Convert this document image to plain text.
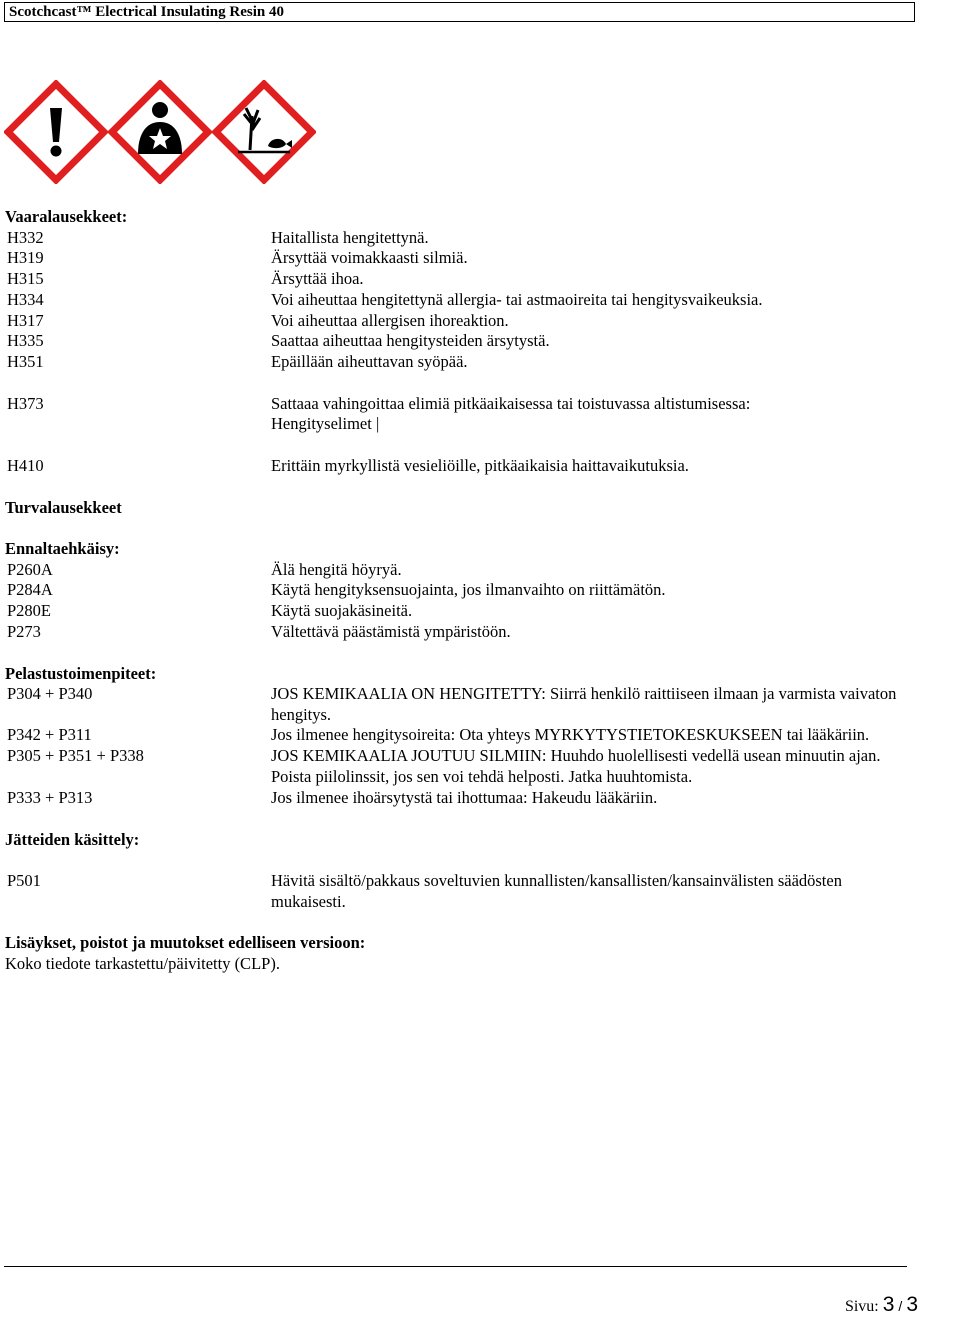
Scotchcast™ Electrical Insulating Resin 40
Vaaralausekkeet:
H332	Haitallista hengitettynä.
H319	Ärsyttää voimakkaasti silmiä.
H315	Ärsyttää ihoa.
H334	Voi aiheuttaa hengitettynä allergia- tai astmaoireita tai hengitysvaikeuksia.
H317	Voi aiheuttaa allergisen ihoreaktion.
H335	Saattaa aiheuttaa hengitysteiden ärsytystä.
H351	Epäillään aiheuttavan syöpää.
H373	Sattaaa vahingoittaa elimiä pitkäaikaisessa tai toistuvassa altistumisessa:
Hengityselimet |
H410	Erittäin myrkyllistä vesieliöille, pitkäaikaisia haittavaikutuksia.
Turvalausekkeet
Ennaltaehkäisy:
P260A	Älä hengitä höyryä.
P284A	Käytä hengityksensuojainta, jos ilmanvaihto on riittämätön.
P280E	Käytä suojakäsineitä.
P273	Vältettävä päästämistä ympäristöön.
Pelastustoimenpiteet:
P304 + P340	JOS KEMIKAALIA ON HENGITETTY: Siirrä henkilö raittiiseen ilmaan ja varmista vaivaton
hengitys.
P342 + P311	Jos ilmenee hengitysoireita: Ota yhteys MYRKYTYSTIETOKESKUKSEEN tai lääkäriin.
P305 + P351 + P338	JOS KEMIKAALIA JOUTUU SILMIIN: Huuhdo huolellisesti vedellä usean minuutin ajan.
Poista piilolinssit, jos sen voi tehdä helposti. Jatka huuhtomista.
P333 + P313	Jos ilmenee ihoärsytystä tai ihottumaa: Hakeudu lääkäriin.
Jätteiden käsittely:
P501	Hävitä sisältö/pakkaus soveltuvien kunnallisten/kansallisten/kansainvälisten säädösten
mukaisesti.
Lisäykset, poistot ja muutokset edelliseen versioon:
Koko tiedote tarkastettu/päivitetty (CLP).
Sivu: 3 / 3
